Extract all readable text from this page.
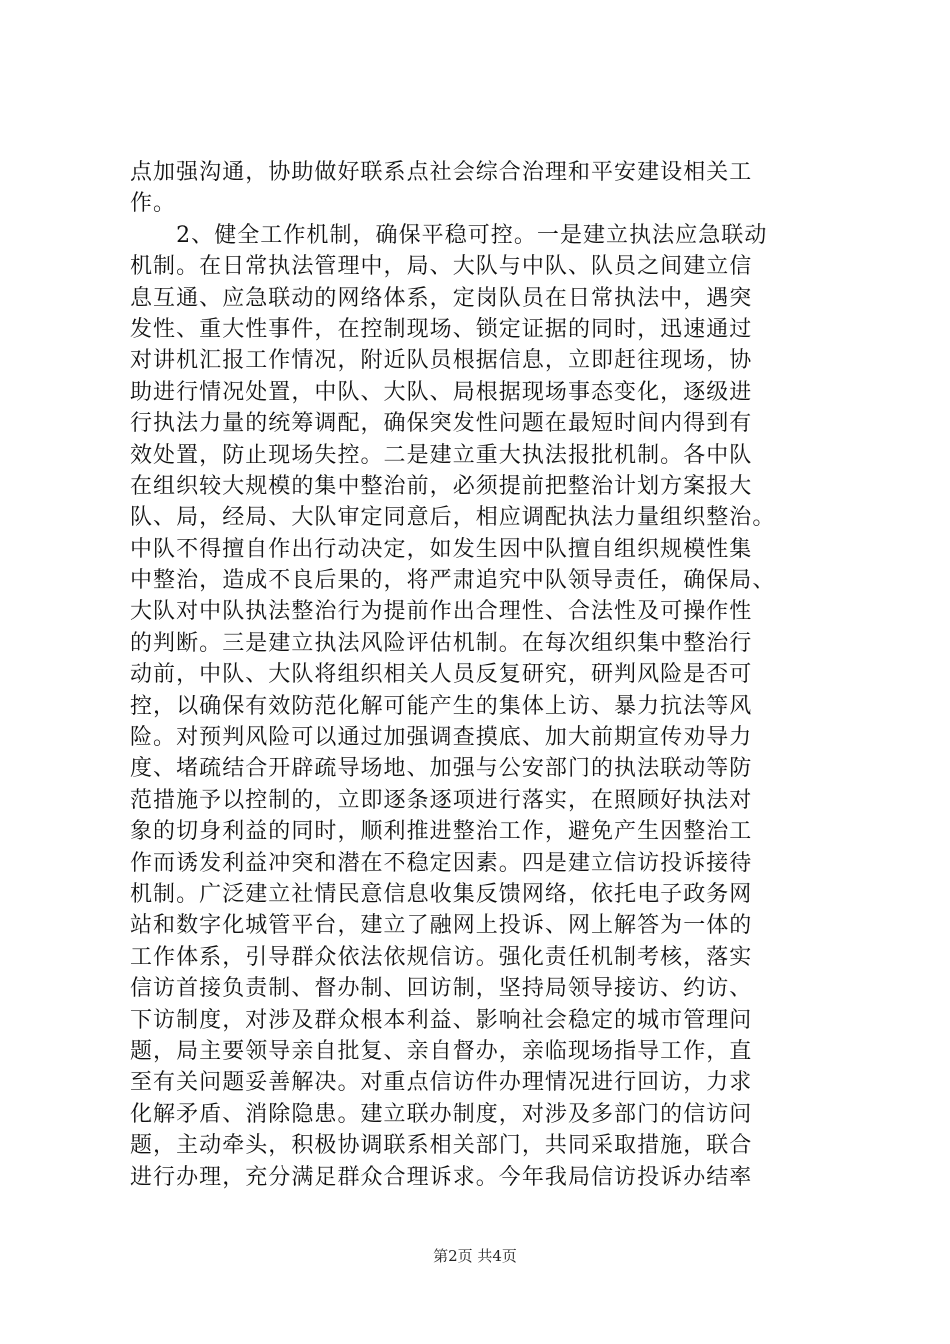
点加强沟通，协助做好联系点社会综合治理和平安建设相关工
作。
　　2、健全工作机制，确保平稳可控。一是建立执法应急联动
机制。在日常执法管理中，局、大队与中队、队员之间建立信
息互通、应急联动的网络体系，定岗队员在日常执法中，遇突
发性、重大性事件，在控制现场、锁定证据的同时，迅速通过
对讲机汇报工作情况，附近队员根据信息，立即赶往现场，协
助进行情况处置，中队、大队、局根据现场事态变化，逐级进
行执法力量的统筹调配，确保突发性问题在最短时间内得到有
效处置，防止现场失控。二是建立重大执法报批机制。各中队
在组织较大规模的集中整治前，必须提前把整治计划方案报大
队、局，经局、大队审定同意后，相应调配执法力量组织整治。
中队不得擅自作出行动决定，如发生因中队擅自组织规模性集
中整治，造成不良后果的，将严肃追究中队领导责任，确保局、
大队对中队执法整治行为提前作出合理性、合法性及可操作性
的判断。三是建立执法风险评估机制。在每次组织集中整治行
动前，中队、大队将组织相关人员反复研究，研判风险是否可
控，以确保有效防范化解可能产生的集体上访、暴力抗法等风
险。对预判风险可以通过加强调查摸底、加大前期宣传劝导力
度、堵疏结合开辟疏导场地、加强与公安部门的执法联动等防
范措施予以控制的，立即逐条逐项进行落实，在照顾好执法对
象的切身利益的同时，顺利推进整治工作，避免产生因整治工
作而诱发利益冲突和潜在不稳定因素。四是建立信访投诉接待
机制。广泛建立社情民意信息收集反馈网络，依托电子政务网
站和数字化城管平台，建立了融网上投诉、网上解答为一体的
工作体系，引导群众依法依规信访。强化责任机制考核，落实
信访首接负责制、督办制、回访制，坚持局领导接访、约访、
下访制度，对涉及群众根本利益、影响社会稳定的城市管理问
题，局主要领导亲自批复、亲自督办，亲临现场指导工作，直
至有关问题妥善解决。对重点信访件办理情况进行回访，力求
化解矛盾、消除隐患。建立联办制度，对涉及多部门的信访问
题，主动牵头，积极协调联系相关部门，共同采取措施，联合
进行办理，充分满足群众合理诉求。今年我局信访投诉办结率
第2页 共4页
